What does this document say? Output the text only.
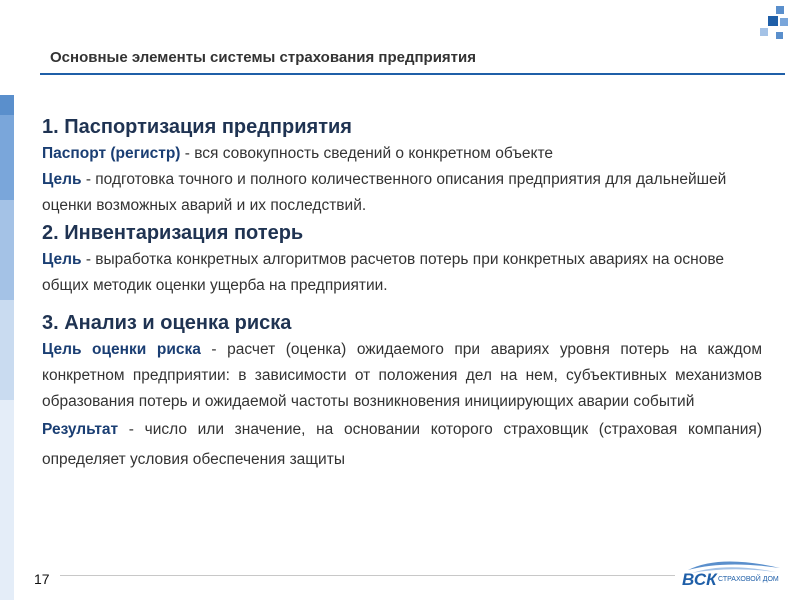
Основные элементы системы страхования предприятия

1. Паспортизация предприятия

Паспорт (регистр) - вся совокупность сведений о конкретном объекте

Цель - подготовка точного и полного количественного описания предприятия для дальнейшей оценки возможных аварий и их последствий.

2. Инвентаризация потерь

Цель - выработка конкретных алгоритмов расчетов потерь при конкретных авариях на основе общих методик оценки ущерба на предприятии.

3. Анализ и оценка риска

Цель оценки риска - расчет (оценка) ожидаемого при авариях уровня потерь на каждом конкретном предприятии: в зависимости от положения дел на нем, субъективных механизмов образования потерь и ожидаемой частоты возникновения инициирующих аварии событий

Результат - число или значение, на основании которого страховщик (страховая компания) определяет условия обеспечения защиты

17	ВСК СТРАХОВОЙ ДОМ
